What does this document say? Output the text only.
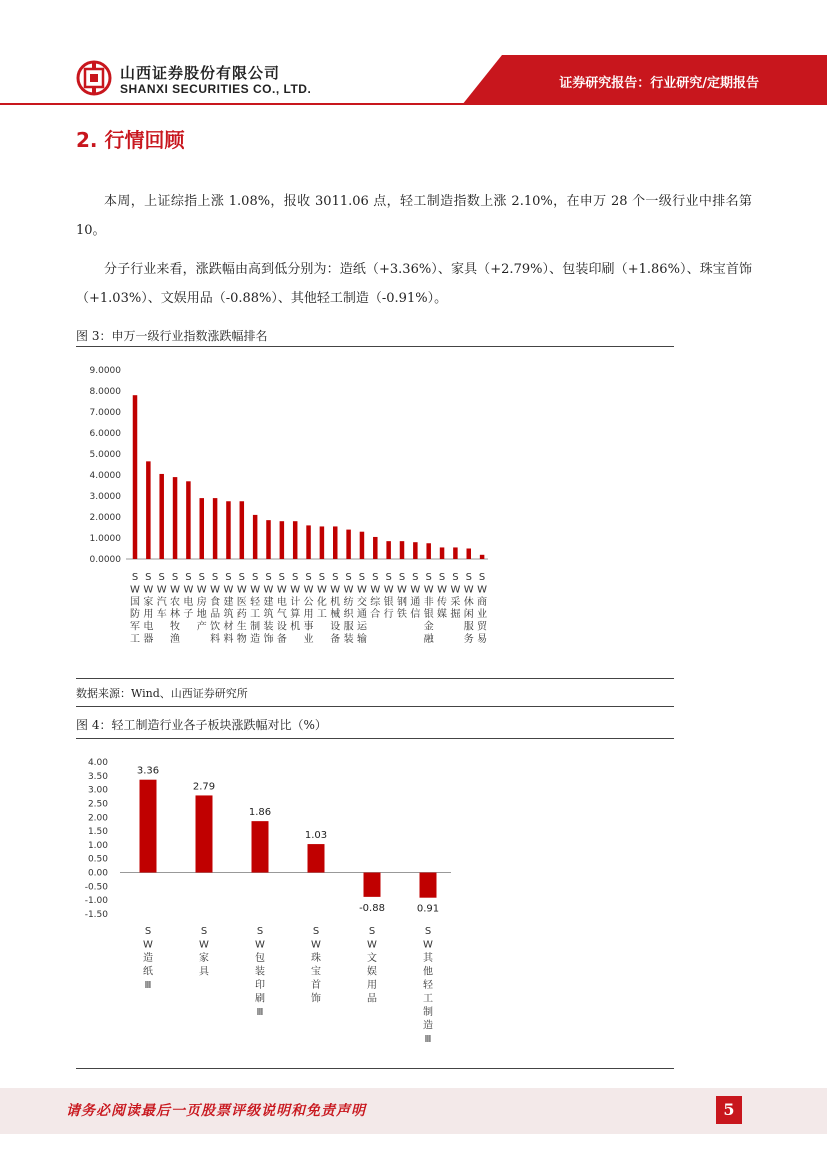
山西证券股份有限公司
SHANXI SECURITIES CO., LTD.	证券研究报告：行业研究/定期报告
2. 行情回顾

本周，上证综指上涨 1.08%，报收 3011.06 点，轻工制造指数上涨 2.10%，在申万 28 个一级行业中排名第 10。

分子行业来看，涨跌幅由高到低分别为：造纸（+3.36%）、家具（+2.79%）、包装印刷（+1.86%）、珠宝首饰（+1.03%）、文娱用品（-0.88%）、其他轻工制造（-0.91%）。

图 3：申万一级行业指数涨跌幅排名
0.0000
1.0000
2.0000
3.0000
4.0000
5.0000
6.0000
7.0000
8.0000
9.0000
S W 国防军工
S W 家用电器
S W 汽车
S W 农林牧渔
S W 电子
S W 房地产
S W 食品饮料
S W 建筑材料
S W 医药生物
S W 轻工制造
S W 建筑装饰
S W 电气设备
S W 计算机
S W 公用事业
S W 化工
S W 机械设备
S W 纺织服装
S W 交通运输
S W 综合
S W 银行
S W 钢铁
S W 通信
S W 非银金融
S W 传媒
S W 采掘
S W 休闲服务
S W 商业贸易
数据来源：Wind、山西证券研究所
图 4：轻工制造行业各子板块涨跌幅对比（%）
-1.50
-1.00
-0.50
0.00
0.50
1.00
1.50
2.00
2.50
3.00
3.50
4.00
3.36
S W 造纸 Ⅲ
2.79
S W 家具
1.86
S W 包装印刷 Ⅲ
1.03
S W 珠宝首饰
-0.88
S W 文娱用品
0.91
S W 其他轻工制造 Ⅲ
请务必阅读最后一页股票评级说明和免责声明	5
